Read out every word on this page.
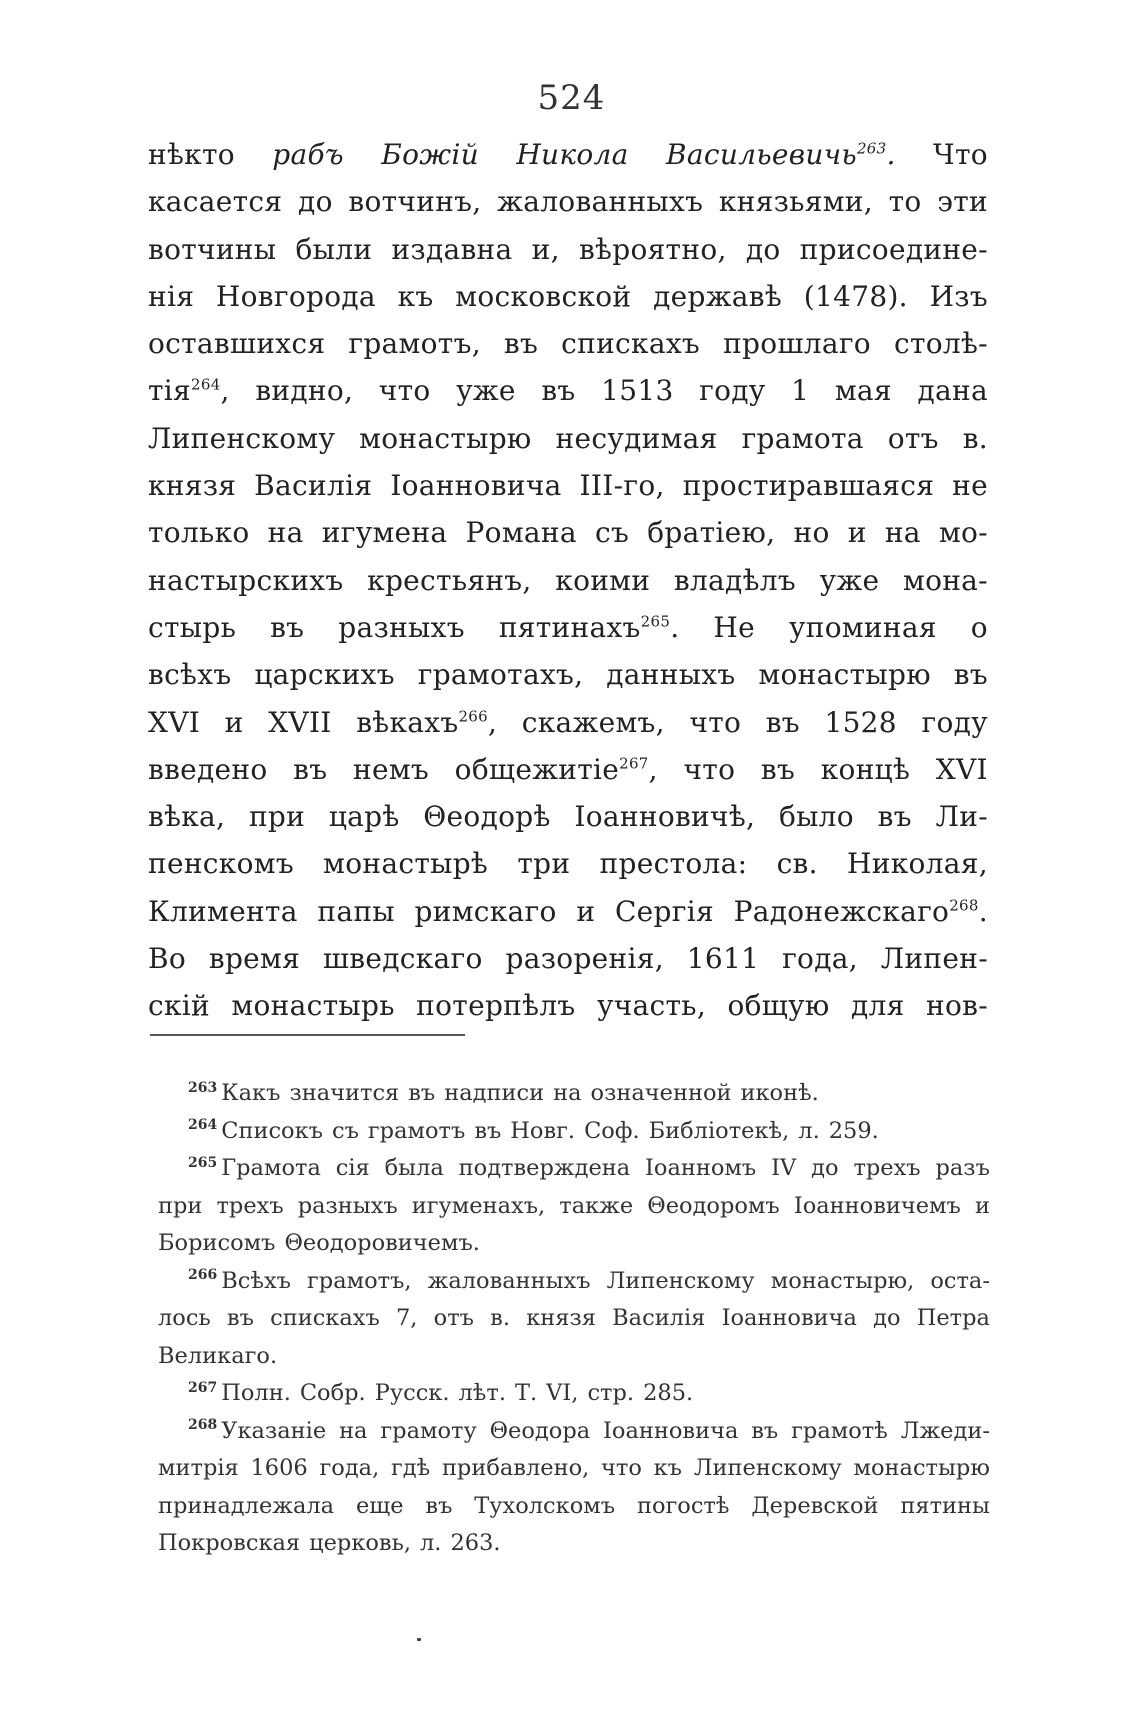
524
нѣкто рабъ Божій Никола Васильевичь$^{263}$. Что
касается до вотчинъ, жалованныхъ князьями, то эти
вотчины были издавна и, вѣроятно, до присоедине-
нія Новгорода къ московской державѣ (1478). Изъ
оставшихся грамотъ, въ спискахъ прошлаго столѣ-
тія$^{264}$, видно, что уже въ 1513 году 1 мая дана
Липенскому монастырю несудимая грамота отъ в.
князя Василія Іоанновича III-го, простиравшаяся не
только на игумена Романа съ братіею, но и на мо-
настырскихъ крестьянъ, коими владѣлъ уже мона-
стырь въ разныхъ пятинахъ$^{265}$. Не упоминая о
всѣхъ царскихъ грамотахъ, данныхъ монастырю въ
XVI и XVII вѣкахъ$^{266}$, скажемъ, что въ 1528 году
введено въ немъ общежитіе$^{267}$, что въ концѣ XVI
вѣка, при царѣ Θеодорѣ Іоанновичѣ, было въ Ли-
пенскомъ монастырѣ три престола: св. Николая,
Климента папы римскаго и Сергія Радонежскаго$^{268}$.
Во время шведскаго разоренія, 1611 года, Липен-
скій монастырь потерпѣлъ участь, общую для нов-
$^{263}$ Какъ значится въ надписи на означенной иконѣ.
$^{264}$ Списокъ съ грамотъ въ Новг. Соф. Библіотекѣ, л. 259.
$^{265}$ Грамота сія была подтверждена Іоанномъ IV до трехъ разъ
при трехъ разныхъ игуменахъ, также Θеодоромъ Іоанновичемъ и
Борисомъ Θеодоровичемъ.
$^{266}$ Всѣхъ грамотъ, жалованныхъ Липенскому монастырю, оста-
лось въ спискахъ 7, отъ в. князя Василія Іоанновича до Петра
Великаго.
$^{267}$ Полн. Собр. Русск. лѣт. Т. VI, стр. 285.
$^{268}$ Указаніе на грамоту Θеодора Іоанновича въ грамотѣ Лжеди-
митрія 1606 года, гдѣ прибавлено, что къ Липенскому монастырю
принадлежала еще въ Тухолскомъ погостѣ Деревской пятины
Покровская церковь, л. 263.
